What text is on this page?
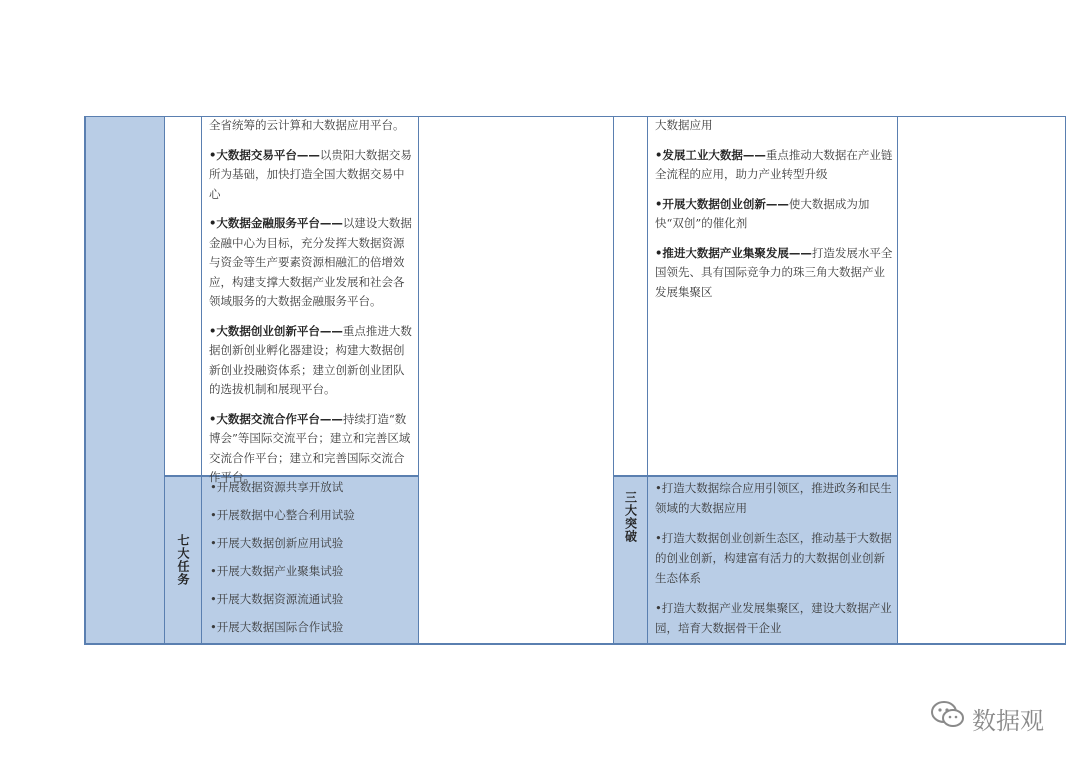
全省统筹的云计算和大数据应用平台。

•大数据交易平台——以贵阳大数据交易所为基础，加快打造全国大数据交易中心

•大数据金融服务平台——以建设大数据金融中心为目标，充分发挥大数据资源与资金等生产要素资源相融汇的倍增效应，构建支撑大数据产业发展和社会各领域服务的大数据金融服务平台。

•大数据创业创新平台——重点推进大数据创新创业孵化器建设；构建大数据创新创业投融资体系；建立创新创业团队的选拔机制和展现平台。

•大数据交流合作平台——持续打造“数博会”等国际交流平台；建立和完善区域交流合作平台；建立和完善国际交流合作平台。

七大任务
•开展数据资源共享开放试
•开展数据中心整合利用试验
•开展大数据创新应用试验
•开展大数据产业聚集试验
•开展大数据资源流通试验
•开展大数据国际合作试验

大数据应用

•发展工业大数据——重点推动大数据在产业链全流程的应用，助力产业转型升级

•开展大数据创业创新——使大数据成为加快“双创”的催化剂

•推进大数据产业集聚发展——打造发展水平全国领先、具有国际竞争力的珠三角大数据产业发展集聚区

三大突破
•打造大数据综合应用引领区，推进政务和民生领域的大数据应用
•打造大数据创业创新生态区，推动基于大数据的创业创新，构建富有活力的大数据创业创新生态体系
•打造大数据产业发展集聚区，建设大数据产业园，培育大数据骨干企业
数据观
